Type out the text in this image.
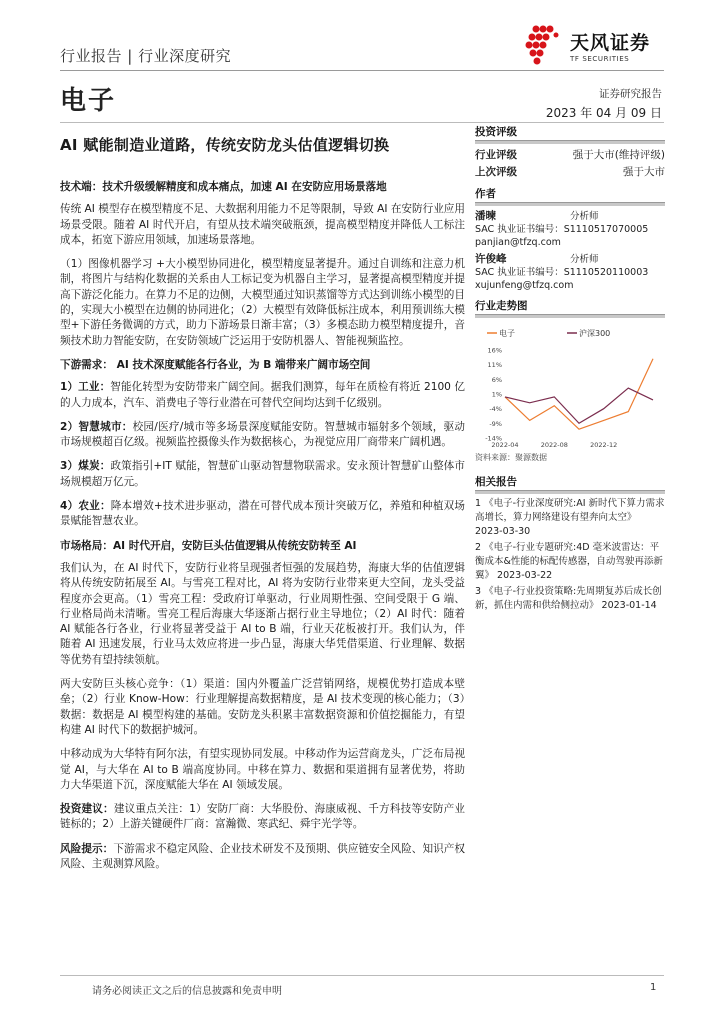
行业报告 | 行业深度研究
天风证券
TF SECURITIES
电子	证券研究报告
2023 年 04 月 09 日
AI 赋能制造业道路，传统安防龙头估值逻辑切换
技术端：技术升级缓解精度和成本痛点，加速 AI 在安防应用场景落地
传统 AI 模型存在模型精度不足、大数据利用能力不足等限制，导致 AI 在安防行业应用场景受限。随着 AI 时代开启，有望从技术端突破瓶颈，提高模型精度并降低人工标注成本，拓宽下游应用领域，加速场景落地。
（1）图像机器学习 +大小模型协同进化，模型精度显著提升。通过自训练和注意力机制，将图片与结构化数据的关系由人工标记变为机器自主学习，显著提高模型精度并提高下游泛化能力。在算力不足的边侧，大模型通过知识蒸馏等方式达到训练小模型的目的，实现大小模型在边侧的协同进化；（2）大模型有效降低标注成本，利用预训练大模型+下游任务微调的方式，助力下游场景日渐丰富；（3）多模态助力模型精度提升，音频技术助力智能安防，在安防领域广泛运用于安防机器人、智能视频监控。
下游需求： AI 技术深度赋能各行各业，为 B 端带来广阔市场空间
1）工业：智能化转型为安防带来广阔空间。据我们测算，每年在质检有将近 2100 亿的人力成本，汽车、消费电子等行业潜在可替代空间均达到千亿级别。
2）智慧城市：校园/医疗/城市等多场景深度赋能安防。智慧城市辐射多个领域，驱动市场规模超百亿级。视频监控摄像头作为数据核心，为视觉应用厂商带来广阔机遇。
3）煤炭：政策指引+IT 赋能，智慧矿山驱动智慧物联需求。安永预计智慧矿山整体市场规模超万亿元。
4）农业：降本增效+技术进步驱动，潜在可替代成本预计突破万亿，养殖和种植双场景赋能智慧农业。
市场格局：AI 时代开启，安防巨头估值逻辑从传统安防转至 AI
我们认为，在 AI 时代下，安防行业将呈现强者恒强的发展趋势，海康大华的估值逻辑将从传统安防拓展至 AI。与雪亮工程对比，AI 将为安防行业带来更大空间，龙头受益程度亦会更高。（1）雪亮工程：受政府订单驱动，行业周期性强、空间受限于 G 端、行业格局尚未清晰。雪亮工程后海康大华逐渐占据行业主导地位；（2）AI 时代：随着 AI 赋能各行各业，行业将显著受益于 AI to B 端，行业天花板被打开。我们认为，伴随着 AI 迅速发展，行业马太效应将进一步凸显，海康大华凭借渠道、行业理解、数据等优势有望持续领航。
两大安防巨头核心竞争：（1）渠道：国内外覆盖广泛营销网络，规模优势打造成本壁垒；（2）行业 Know-How：行业理解提高数据精度，是 AI 技术变现的核心能力；（3）数据：数据是 AI 模型构建的基础。安防龙头积累丰富数据资源和价值挖掘能力，有望构建 AI 时代下的数据护城河。
中移动成为大华特有阿尔法，有望实现协同发展。中移动作为运营商龙头，广泛布局视觉 AI，与大华在 AI to B 端高度协同。中移在算力、数据和渠道拥有显著优势，将助力大华渠道下沉，深度赋能大华在 AI 领域发展。
投资建议：建议重点关注：1）安防厂商：大华股份、海康威视、千方科技等安防产业链标的；2）上游关键硬件厂商：富瀚微、寒武纪、舜宇光学等。
风险提示：下游需求不稳定风险、企业技术研发不及预期、供应链安全风险、知识产权风险、主观测算风险。
投资评级
行业评级	强于大市(维持评级)
上次评级	强于大市
作者
潘暕	分析师
SAC 执业证书编号：S1110517070005
panjian@tfzq.com
许俊峰	分析师
SAC 执业证书编号：S1110520110003
xujunfeng@tfzq.com
行业走势图
电子	沪深300
16%
11%
6%
1%
-4%
-9%
-14%
2022-04	2022-08	2022-12
资料来源：聚源数据
相关报告
1 《电子-行业深度研究:AI 新时代下算力需求高增长，算力网络建设有望奔向太空》 2023-03-30
2 《电子-行业专题研究:4D 毫米波雷达：平衡成本&性能的标配传感器，自动驾驶再添新翼》 2023-03-22
3 《电子-行业投资策略:先周期复苏后成长创新，抓住内需和供给侧拉动》 2023-01-14
请务必阅读正文之后的信息披露和免责申明	1
